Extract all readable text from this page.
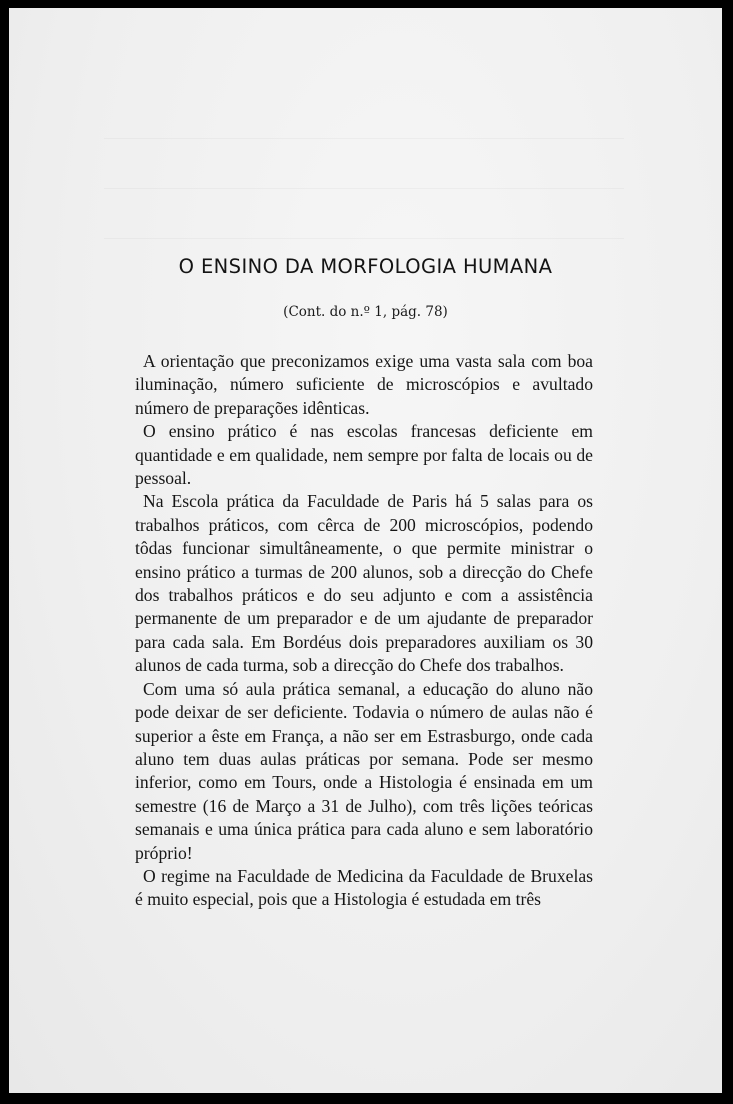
O ENSINO DA MORFOLOGIA HUMANA
(Cont. do n.º 1, pág. 78)

A orientação que preconizamos exige uma vasta sala com boa iluminação, número suficiente de microscópios e avultado número de preparações idênticas.

O ensino prático é nas escolas francesas deficiente em quantidade e em qualidade, nem sempre por falta de locais ou de pessoal.

Na Escola prática da Faculdade de Paris há 5 salas para os trabalhos práticos, com cêrca de 200 microscópios, podendo tôdas funcionar simultâneamente, o que permite ministrar o ensino prático a turmas de 200 alunos, sob a direcção do Chefe dos trabalhos práticos e do seu adjunto e com a assistência permanente de um preparador e de um ajudante de preparador para cada sala. Em Bordéus dois preparadores auxiliam os 30 alunos de cada turma, sob a direcção do Chefe dos trabalhos.

Com uma só aula prática semanal, a educação do aluno não pode deixar de ser deficiente. Todavia o número de aulas não é superior a êste em França, a não ser em Estrasburgo, onde cada aluno tem duas aulas práticas por semana. Pode ser mesmo inferior, como em Tours, onde a Histologia é ensinada em um semestre (16 de Março a 31 de Julho), com três lições teóricas semanais e uma única prática para cada aluno e sem laboratório próprio!

O regime na Faculdade de Medicina da Faculdade de Bruxelas é muito especial, pois que a Histologia é estudada em três
